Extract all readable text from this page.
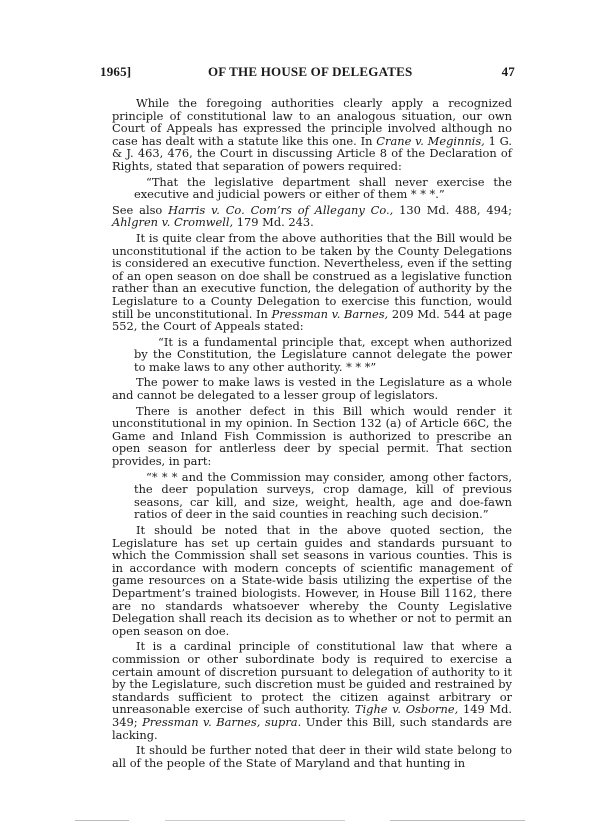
1965]	OF THE HOUSE OF DELEGATES	47

While the foregoing authorities clearly apply a recognized principle of constitutional law to an analogous situation, our own Court of Appeals has expressed the principle involved although no case has dealt with a statute like this one. In Crane v. Meginnis, 1 G. & J. 463, 476, the Court in discussing Article 8 of the Declaration of Rights, stated that separation of powers required:

“That the legislative department shall never exercise the executive and judicial powers or either of them * * *.”

See also Harris v. Co. Com’rs of Allegany Co., 130 Md. 488, 494; Ahlgren v. Cromwell, 179 Md. 243.

It is quite clear from the above authorities that the Bill would be unconstitutional if the action to be taken by the County Delegations is considered an executive function. Nevertheless, even if the setting of an open season on doe shall be construed as a legislative function rather than an executive function, the delegation of authority by the Legislature to a County Delegation to exercise this function, would still be unconstitutional. In Pressman v. Barnes, 209 Md. 544 at page 552, the Court of Appeals stated:

“It is a fundamental principle that, except when authorized by the Constitution, the Legislature cannot delegate the power to make laws to any other authority. * * *”

The power to make laws is vested in the Legislature as a whole and cannot be delegated to a lesser group of legislators.

There is another defect in this Bill which would render it unconstitutional in my opinion. In Section 132 (a) of Article 66C, the Game and Inland Fish Commission is authorized to prescribe an open season for antlerless deer by special permit. That section provides, in part:

“* * * and the Commission may consider, among other factors, the deer population surveys, crop damage, kill of previous seasons, car kill, and size, weight, health, age and doe-fawn ratios of deer in the said counties in reaching such decision.”

It should be noted that in the above quoted section, the Legislature has set up certain guides and standards pursuant to which the Commission shall set seasons in various counties. This is in accordance with modern concepts of scientific management of game resources on a State-wide basis utilizing the expertise of the Department’s trained biologists. However, in House Bill 1162, there are no standards whatsoever whereby the County Legislative Delegation shall reach its decision as to whether or not to permit an open season on doe.

It is a cardinal principle of constitutional law that where a commission or other subordinate body is required to exercise a certain amount of discretion pursuant to delegation of authority to it by the Legislature, such discretion must be guided and restrained by standards sufficient to protect the citizen against arbitrary or unreasonable exercise of such authority. Tighe v. Osborne, 149 Md. 349; Pressman v. Barnes, supra. Under this Bill, such standards are lacking.

It should be further noted that deer in their wild state belong to all of the people of the State of Maryland and that hunting in
